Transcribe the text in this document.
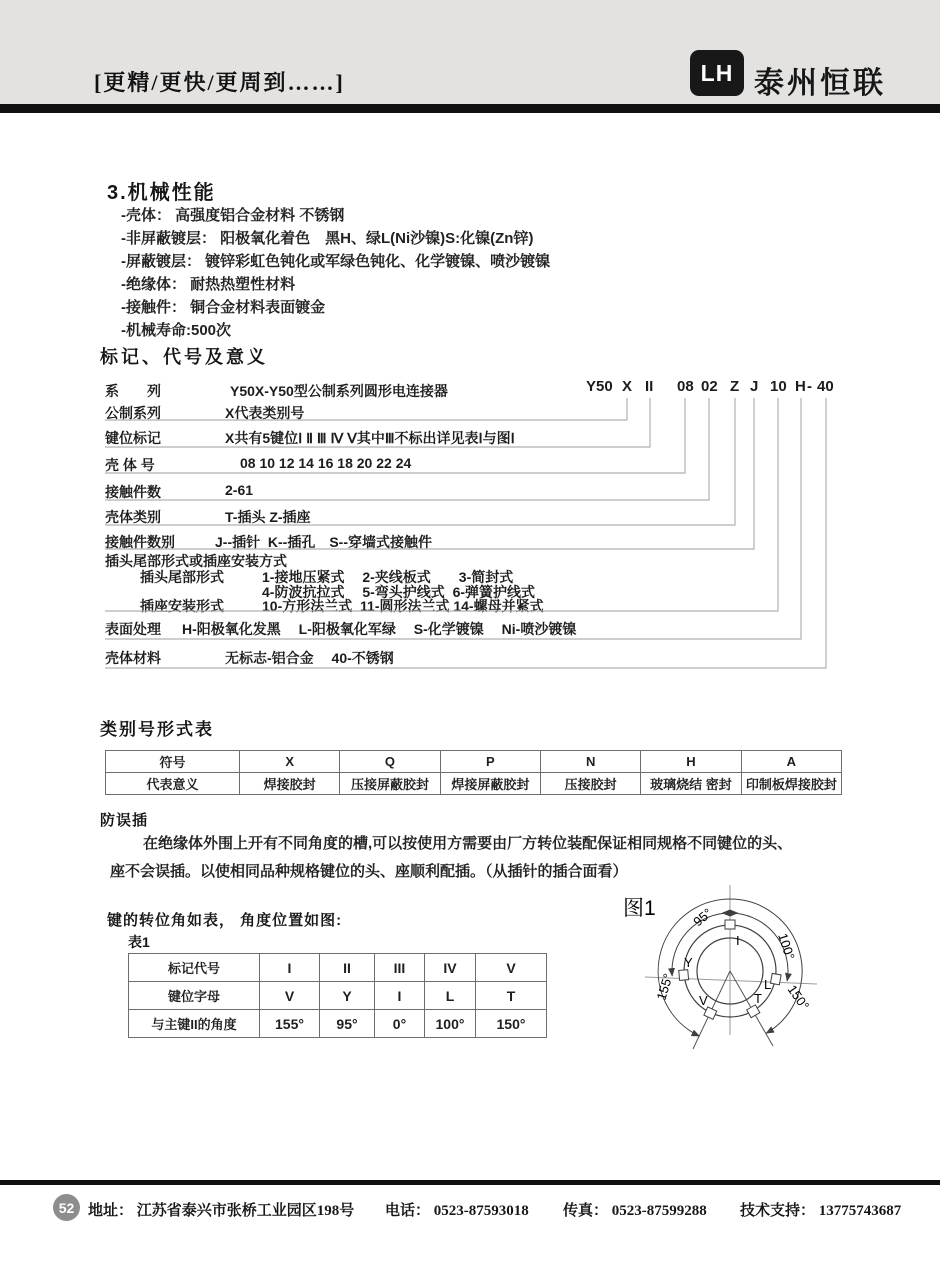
[更精/更快/更周到……]	LH 泰州恒联
3.机械性能
-壳体： 高强度铝合金材料 不锈钢
-非屏蔽镀层： 阳极氧化着色　黑H、绿L(Ni沙镍)S:化镍(Zn锌)
-屏蔽镀层： 镀锌彩虹色钝化或军绿色钝化、化学镀镍、喷沙镀镍
-绝缘体： 耐热热塑性材料
-接触件： 铜合金材料表面镀金
-机械寿命:500次
标记、代号及意义
Y50 X II 08 02 Z J 10 H - 40
系　　列	Y50X-Y50型公制系列圆形电连接器
公制系列	X代表类别号
键位标记	X共有5键位Ⅰ Ⅱ Ⅲ Ⅳ Ⅴ其中Ⅲ不标出详见表Ⅰ与图Ⅰ
壳 体 号	08 10 12 14 16 18 20 22 24
接触件数	2-61
壳体类别	T-插头 Z-插座
接触件数别	J--插针  K--插孔　S--穿墙式接触件
插头尾部形式或插座安装方式
插头尾部形式	1-接地压紧式　 2-夹线板式　　3-简封式
4-防波抗拉式　 5-弯头护线式  6-弹簧护线式
插座安装形式	10-方形法兰式  11-圆形法兰式 14-螺母并紧式
表面处理 H-阳极氧化发黑　 L-阳极氧化军绿　 S-化学镀镍　 Ni-喷沙镀镍
壳体材料	无标志-铝合金　 40-不锈钢
类别号形式表
符号	X	Q	P	N	H	A
代表意义	焊接胶封	压接屏蔽胶封	焊接屏蔽胶封	压接胶封	玻璃烧结 密封	印制板焊接胶封
防误插
在绝缘体外围上开有不同角度的槽,可以按使用方需要由厂方转位装配保证相同规格不同键位的头、
座不会误插。以使相同品种规格键位的头、座顺利配插。（从插针的插合面看）
键的转位角如表， 角度位置如图:
表1
标记代号	I	II	III	IV	V
键位字母	V	Y	I	L	T
与主键II的角度	155°	95°	0°	100°	150°
图1	95°
100°
155°	150°
I
Y
V	T
L
52 地址： 江苏省泰兴市张桥工业园区198号 电话： 0523-87593018 传真： 0523-87599288 技术支持： 13775743687
